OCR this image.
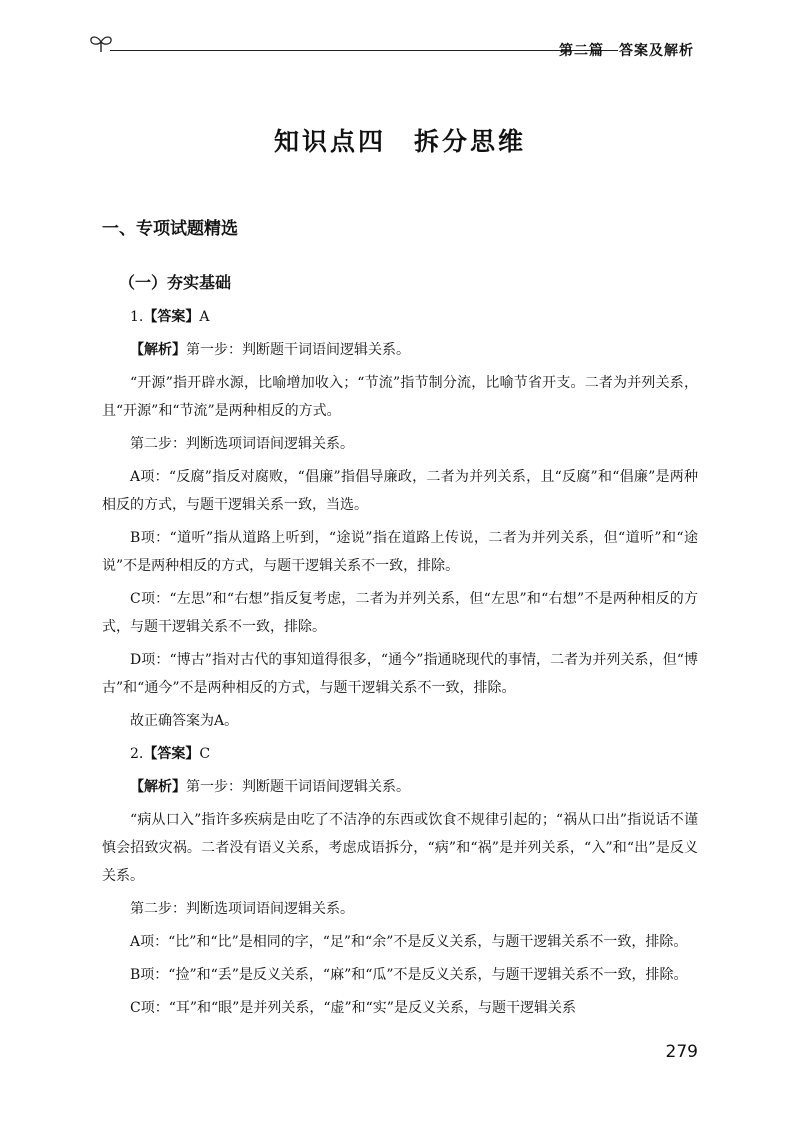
第二篇　答案及解析
知识点四　拆分思维
一、专项试题精选
（一）夯实基础

1.【答案】A

【解析】第一步：判断题干词语间逻辑关系。

“开源”指开辟水源，比喻增加收入；“节流”指节制分流，比喻节省开支。二者为并列关系，且“开源”和“节流”是两种相反的方式。

第二步：判断选项词语间逻辑关系。

A项：“反腐”指反对腐败，“倡廉”指倡导廉政，二者为并列关系，且“反腐”和“倡廉”是两种相反的方式，与题干逻辑关系一致，当选。

B项：“道听”指从道路上听到，“途说”指在道路上传说，二者为并列关系，但“道听”和“途说”不是两种相反的方式，与题干逻辑关系不一致，排除。

C项：“左思”和“右想”指反复考虑，二者为并列关系，但“左思”和“右想”不是两种相反的方式，与题干逻辑关系不一致，排除。

D项：“博古”指对古代的事知道得很多，“通今”指通晓现代的事情，二者为并列关系，但“博古”和“通今”不是两种相反的方式，与题干逻辑关系不一致，排除。

故正确答案为A。

2.【答案】C

【解析】第一步：判断题干词语间逻辑关系。

“病从口入”指许多疾病是由吃了不洁净的东西或饮食不规律引起的；“祸从口出”指说话不谨慎会招致灾祸。二者没有语义关系，考虑成语拆分，“病”和“祸”是并列关系，“入”和“出”是反义关系。

第二步：判断选项词语间逻辑关系。

A项：“比”和“比”是相同的字，“足”和“余”不是反义关系，与题干逻辑关系不一致，排除。

B项：“捡”和“丢”是反义关系，“麻”和“瓜”不是反义关系，与题干逻辑关系不一致，排除。

C项：“耳”和“眼”是并列关系，“虚”和“实”是反义关系，与题干逻辑关系

279
